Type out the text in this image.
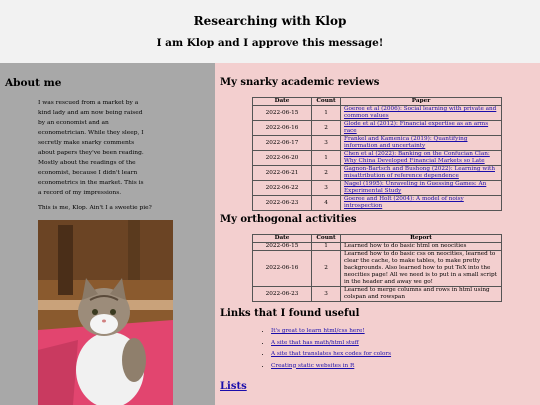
Researching with Klop
I am Klop and I approve this message!
About me

I was rescued from a market by a kind lady and am now being raised by an economist and an econometrician. While they sleep, I secretly make snarky comments about papers they've been reading. Mostly about the readings of the economist, because I didn't learn econometrics in the market. This is a record of my impressions.

This is me, Klop. Ain't I a sweetie pie?

My snarky academic reviews
Date	Count	Paper
2022-06-15	1	Goeree et al (2006): Social learning with private and common values
2022-06-16	2	Glode et al (2012): Financial expertise as an arms race
2022-06-17	3	Frankel and Kamenica (2019): Quantifying information and uncertainty
2022-06-20	1	Chen et al (2022): Banking on the Confucian Clan: Why China Developed Financial Markets so Late
2022-06-21	2	Gagnon-Bartsch and Bushong (2022): Learning with misattribution of reference dependence
2022-06-22	3	Nagel (1995): Unraveling in Guessing Games: An Experimental Study
2022-06-23	4	Goeree and Holt (2004): A model of noisy introspection
My orthogonal activities
Date	Count	Report
2022-06-15	1	Learned how to do basic html on neocities
2022-06-16	2	Learned how to do basic css on neocities, learned to clear the cache, to make tables, to make pretty backgrounds. Also learned how to put TeX into the neocities page! All we need is to put in a small script in the header and away we go!
2022-06-23	3	Learned to merge columns and rows in html using colspan and rowspan
Links that I found useful
• It's great to learn html/css here!
• A site that has math/html stuff
• A site that translates hex codes for colors
• Creating static websites in R
Lists
